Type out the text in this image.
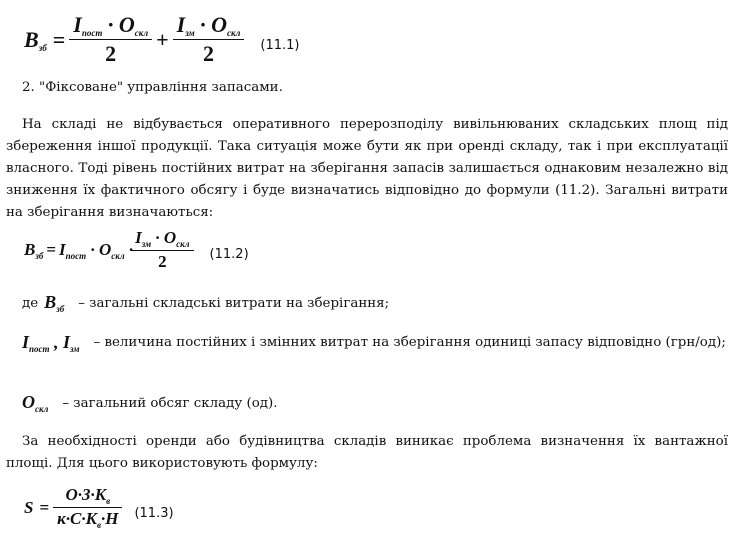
$B_{зб} = \frac{I_{пост} \cdot O_{скл}}{2} + \frac{I_{зм} \cdot O_{скл}}{2} (11.1)$
2. "Фіксоване" управління запасами.
На складі не відбувається оперативного перерозподілу вивільнюваних складських площ під збереження іншої продукції. Така ситуація може бути як при оренді складу, так і при експлуатації власного. Тоді рівень постійних витрат на зберігання запасів залишається однаковим незалежно від зниження їх фактичного обсягу і буде визначатись відповідно до формули (11.2). Загальні витрати на зберігання визначаються:
$B_{зб} = I_{пост} \cdot O_{скл} \cdot \frac{I_{зм} \cdot O_{скл}}{2} (11.2)$
де $B_{зб}$ – загальні складські витрати на зберігання;
$I_{пост}$ , $I_{зм}$ – величина постійних і змінних витрат на зберігання одиниці запасу відповідно (грн/од);
$O_{скл}$ – загальний обсяг складу (од).
За необхідності оренди або будівництва складів виникає проблема визначення їх вантажної площі. Для цього використовують формулу:
$S = \frac{O\cdot 3\cdot K_в}{к\cdot C\cdot K_в\cdot H} (11.3)$
